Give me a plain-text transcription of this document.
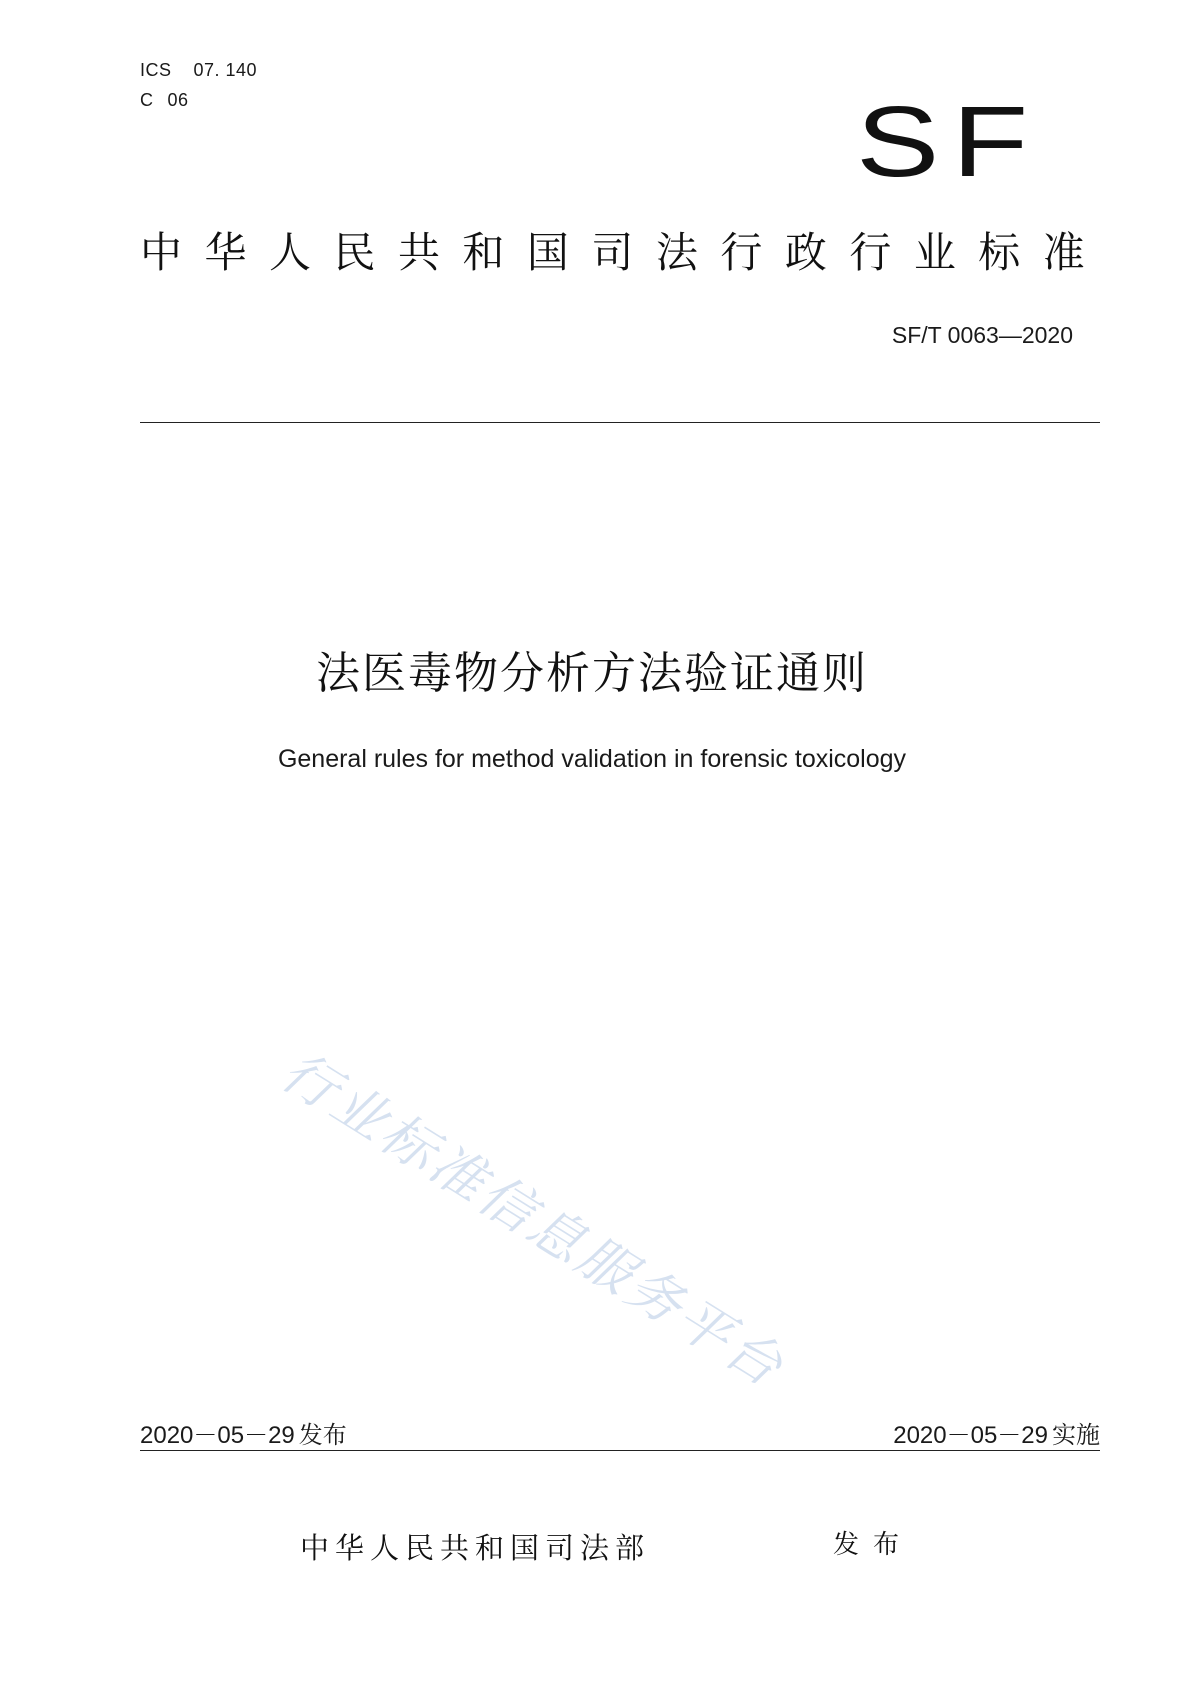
ICS 07. 140
C 06	SF
中 华 人 民 共 和 国 司 法 行 政 行 业 标 准
SF/T 0063—2020
法医毒物分析方法验证通则
General rules for method validation in forensic toxicology
行业标准信息服务平台
2020－05－29 发布	2020－05－29 实施
中华人民共和国司法部	发布
